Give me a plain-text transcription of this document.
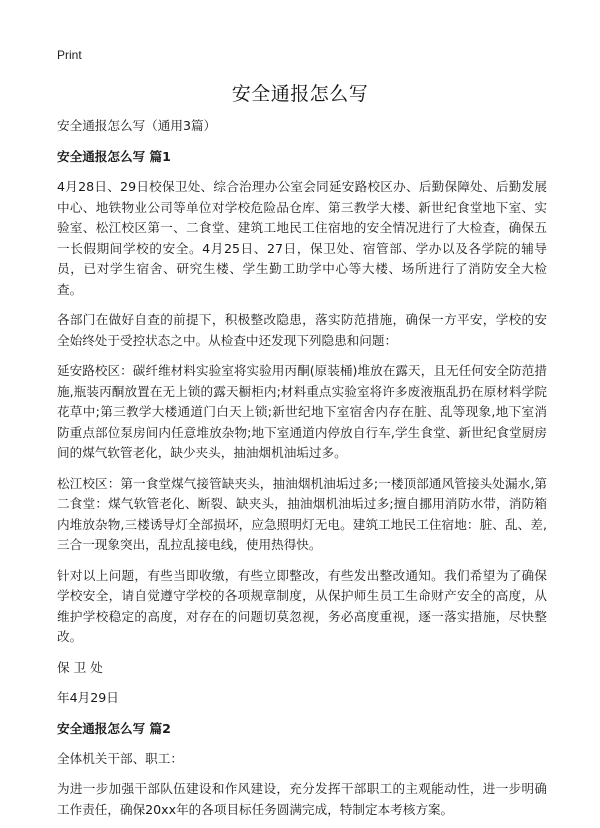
Print
安全通报怎么写

安全通报怎么写（通用3篇）

安全通报怎么写 篇1

4月28日、29日校保卫处、综合治理办公室会同延安路校区办、后勤保障处、后勤发展中心、地铁物业公司等单位对学校危险品仓库、第三教学大楼、新世纪食堂地下室、实验室、松江校区第一、二食堂、建筑工地民工住宿地的安全情况进行了大检查，确保五一长假期间学校的安全。4月25日、27日，保卫处、宿管部、学办以及各学院的辅导员，已对学生宿舍、研究生楼、学生勤工助学中心等大楼、场所进行了消防安全大检查。

各部门在做好自查的前提下，积极整改隐患，落实防范措施，确保一方平安，学校的安全始终处于受控状态之中。从检查中还发现下列隐患和问题：

延安路校区：碳纤维材料实验室将实验用丙酮(原装桶)堆放在露天，且无任何安全防范措施,瓶装丙酮放置在无上锁的露天橱柜内;材料重点实验室将许多废液瓶乱扔在原材料学院花草中;第三教学大楼通道门白天上锁;新世纪地下室宿舍内存在脏、乱等现象,地下室消防重点部位泵房间内任意堆放杂物;地下室通道内停放自行车,学生食堂、新世纪食堂厨房间的煤气软管老化，缺少夹头，抽油烟机油垢过多。

松江校区：第一食堂煤气接管缺夹头，抽油烟机油垢过多;一楼顶部通风管接头处漏水,第二食堂：煤气软管老化、断裂、缺夹头，抽油烟机油垢过多;擅自挪用消防水带，消防箱内堆放杂物,三楼诱导灯全部损坏，应急照明灯无电。建筑工地民工住宿地：脏、乱、差,三合一现象突出，乱拉乱接电线，使用热得快。

针对以上问题，有些当即收缴，有些立即整改，有些发出整改通知。我们希望为了确保学校安全，请自觉遵守学校的各项规章制度，从保护师生员工生命财产安全的高度，从维护学校稳定的高度，对存在的问题切莫忽视，务必高度重视，逐一落实措施，尽快整改。

保 卫 处

年4月29日

安全通报怎么写 篇2

全体机关干部、职工：

为进一步加强干部队伍建设和作风建设，充分发挥干部职工的主观能动性，进一步明确工作责任，确保20xx年的各项目标任务圆满完成，特制定本考核方案。
